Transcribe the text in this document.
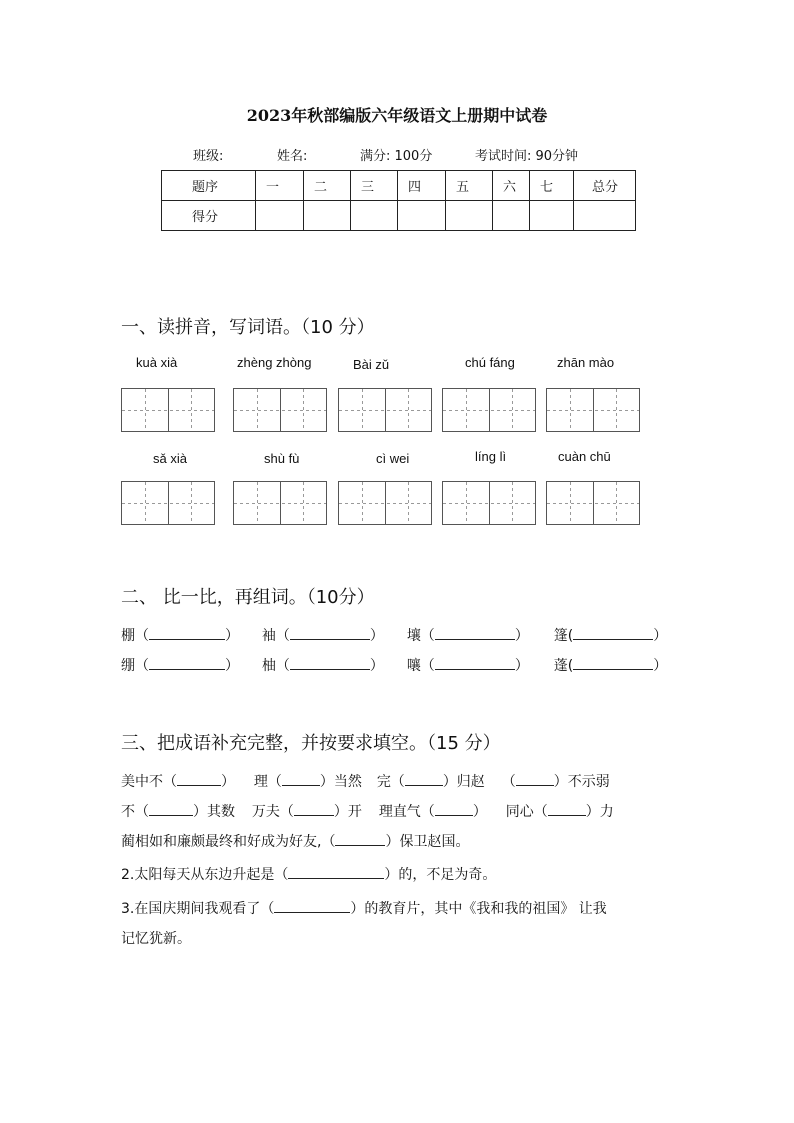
2023年秋部编版六年级语文上册期中试卷
班级:	姓名:	满分: 100分	考试时间: 90分钟
题序	一	二	三	四	五	六	七	总分
得分								
一、读拼音，写词语。（10 分）
kuà xià	zhèng zhòng	Bài zǔ	chú fáng	zhān mào
sǎ xià	shù fù	cì wei	líng lì	cuàn chū
二、 比一比，再组词。（10分）
棚（	） 袖（	） 壤（	） 篷(	）
绷（	） 柚（	） 嚷（	） 蓬(	）
三、把成语补充完整，并按要求填空。（15 分）
美中不（	） 理（	）当然 完（	）归赵 （	）不示弱
不（	）其数 万夫（	）开 理直气（	） 同心（	）力
蔺相如和廉颇最终和好成为好友,（	）保卫赵国。
2.太阳每天从东边升起是（	）的，不足为奇。
3.在国庆期间我观看了（	）的教育片，其中《我和我的祖国》 让我
记忆犹新。
